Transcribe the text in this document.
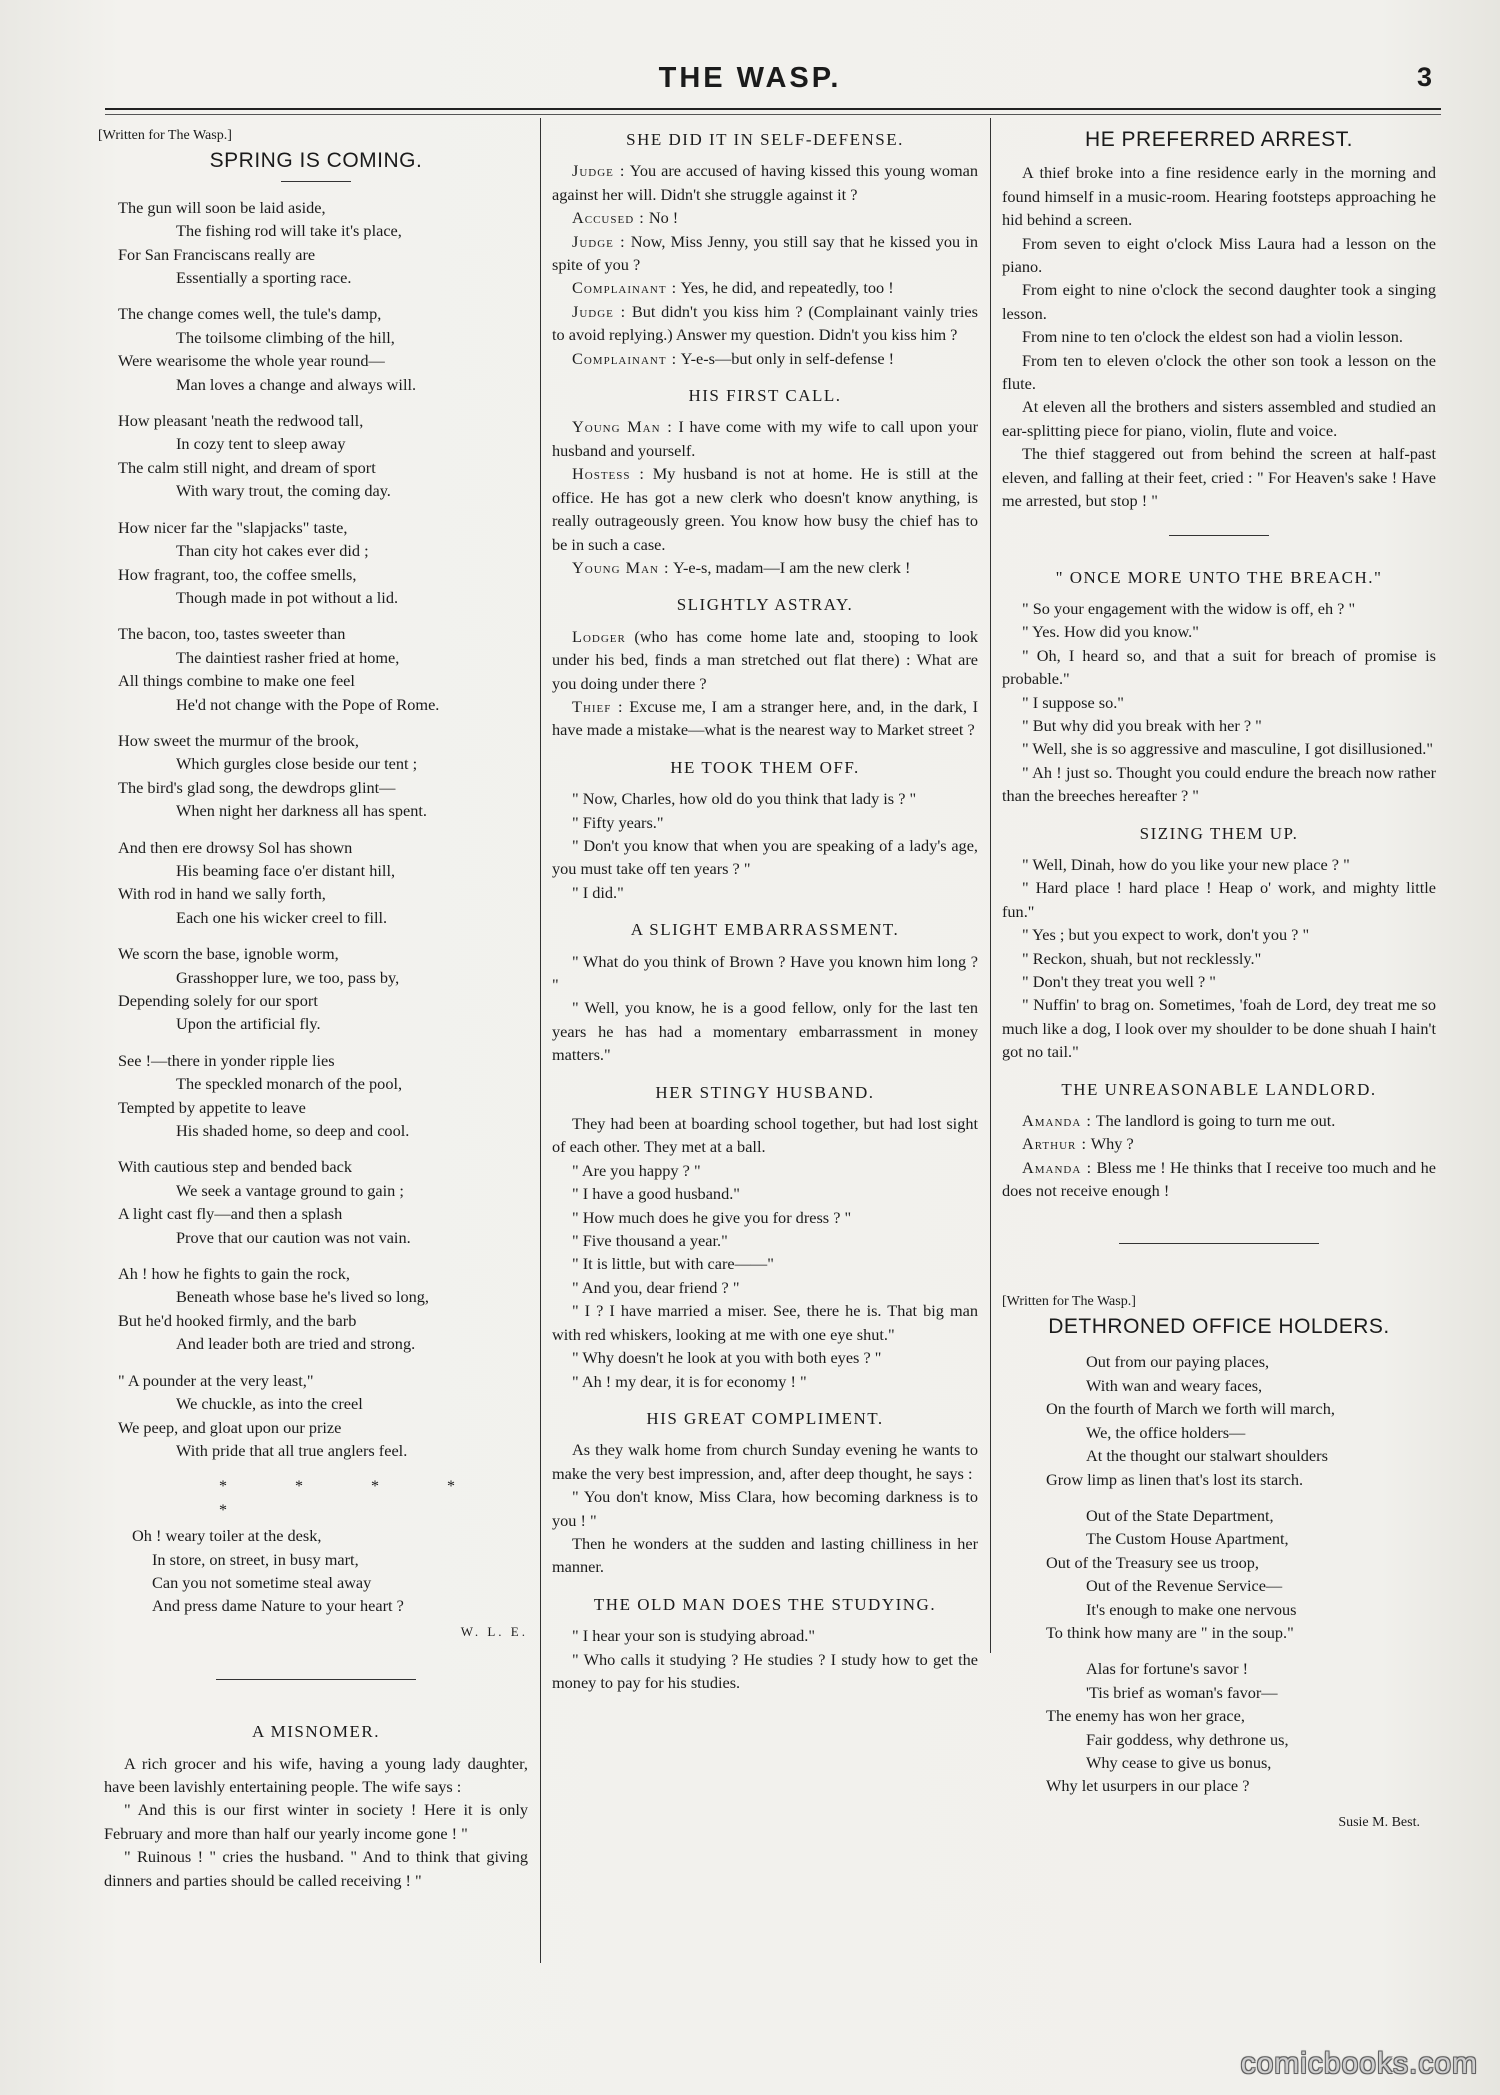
THE WASP.	3
[Written for The Wasp.]
SPRING IS COMING.
The gun will soon be laid aside,
The fishing rod will take it's place,
For San Franciscans really are
Essentially a sporting race.
The change comes well, the tule's damp,
The toilsome climbing of the hill,
Were wearisome the whole year round—
Man loves a change and always will.
How pleasant 'neath the redwood tall,
In cozy tent to sleep away
The calm still night, and dream of sport
With wary trout, the coming day.
How nicer far the "slapjacks" taste,
Than city hot cakes ever did ;
How fragrant, too, the coffee smells,
Though made in pot without a lid.
The bacon, too, tastes sweeter than
The daintiest rasher fried at home,
All things combine to make one feel
He'd not change with the Pope of Rome.
How sweet the murmur of the brook,
Which gurgles close beside our tent ;
The bird's glad song, the dewdrops glint—
When night her darkness all has spent.
And then ere drowsy Sol has shown
His beaming face o'er distant hill,
With rod in hand we sally forth,
Each one his wicker creel to fill.
We scorn the base, ignoble worm,
Grasshopper lure, we too, pass by,
Depending solely for our sport
Upon the artificial fly.
See !—there in yonder ripple lies
The speckled monarch of the pool,
Tempted by appetite to leave
His shaded home, so deep and cool.
With cautious step and bended back
We seek a vantage ground to gain ;
A light cast fly—and then a splash
Prove that our caution was not vain.
Ah ! how he fights to gain the rock,
Beneath whose base he's lived so long,
But he'd hooked firmly, and the barb
And leader both are tried and strong.
" A pounder at the very least,"
We chuckle, as into the creel
We peep, and gloat upon our prize
With pride that all true anglers feel.
* * * * *
Oh ! weary toiler at the desk,
In store, on street, in busy mart,
Can you not sometime steal away
And press dame Nature to your heart ?
W. L. E.
A MISNOMER.

A rich grocer and his wife, having a young lady daughter, have been lavishly entertaining people. The wife says :

" And this is our first winter in society ! Here it is only February and more than half our yearly income gone ! "

" Ruinous ! " cries the husband. " And to think that giving dinners and parties should be called receiving ! "

SHE DID IT IN SELF-DEFENSE.

Judge : You are accused of having kissed this young woman against her will. Didn't she struggle against it ?

Accused : No !

Judge : Now, Miss Jenny, you still say that he kissed you in spite of you ?

Complainant : Yes, he did, and repeatedly, too !

Judge : But didn't you kiss him ? (Complainant vainly tries to avoid replying.) Answer my question. Didn't you kiss him ?

Complainant : Y-e-s—but only in self-defense !

HIS FIRST CALL.

Young Man : I have come with my wife to call upon your husband and yourself.

Hostess : My husband is not at home. He is still at the office. He has got a new clerk who doesn't know anything, is really outrageously green. You know how busy the chief has to be in such a case.

Young Man : Y-e-s, madam—I am the new clerk !

SLIGHTLY ASTRAY.

Lodger (who has come home late and, stooping to look under his bed, finds a man stretched out flat there) : What are you doing under there ?

Thief : Excuse me, I am a stranger here, and, in the dark, I have made a mistake—what is the nearest way to Market street ?

HE TOOK THEM OFF.

" Now, Charles, how old do you think that lady is ? "

" Fifty years."

" Don't you know that when you are speaking of a lady's age, you must take off ten years ? "

" I did."

A SLIGHT EMBARRASSMENT.

" What do you think of Brown ? Have you known him long ? "

" Well, you know, he is a good fellow, only for the last ten years he has had a momentary embarrassment in money matters."

HER STINGY HUSBAND.

They had been at boarding school together, but had lost sight of each other. They met at a ball.

" Are you happy ? "

" I have a good husband."

" How much does he give you for dress ? "

" Five thousand a year."

" It is little, but with care——"

" And you, dear friend ? "

" I ? I have married a miser. See, there he is. That big man with red whiskers, looking at me with one eye shut."

" Why doesn't he look at you with both eyes ? "

" Ah ! my dear, it is for economy ! "

HIS GREAT COMPLIMENT.

As they walk home from church Sunday evening he wants to make the very best impression, and, after deep thought, he says :

" You don't know, Miss Clara, how becoming darkness is to you ! "

Then he wonders at the sudden and lasting chilliness in her manner.

THE OLD MAN DOES THE STUDYING.

" I hear your son is studying abroad."

" Who calls it studying ? He studies ? I study how to get the money to pay for his studies.

HE PREFERRED ARREST.

A thief broke into a fine residence early in the morning and found himself in a music-room. Hearing footsteps approaching he hid behind a screen.

From seven to eight o'clock Miss Laura had a lesson on the piano.

From eight to nine o'clock the second daughter took a singing lesson.

From nine to ten o'clock the eldest son had a violin lesson.

From ten to eleven o'clock the other son took a lesson on the flute.

At eleven all the brothers and sisters assembled and studied an ear-splitting piece for piano, violin, flute and voice.

The thief staggered out from behind the screen at half-past eleven, and falling at their feet, cried : " For Heaven's sake ! Have me arrested, but stop ! "

" ONCE MORE UNTO THE BREACH."

" So your engagement with the widow is off, eh ? "

" Yes. How did you know."

" Oh, I heard so, and that a suit for breach of promise is probable."

" I suppose so."

" But why did you break with her ? "

" Well, she is so aggressive and masculine, I got disillusioned."

" Ah ! just so. Thought you could endure the breach now rather than the breeches hereafter ? "

SIZING THEM UP.

" Well, Dinah, how do you like your new place ? "

" Hard place ! hard place ! Heap o' work, and mighty little fun."

" Yes ; but you expect to work, don't you ? "

" Reckon, shuah, but not recklessly."

" Don't they treat you well ? "

" Nuffin' to brag on. Sometimes, 'foah de Lord, dey treat me so much like a dog, I look over my shoulder to be done shuah I hain't got no tail."

THE UNREASONABLE LANDLORD.

Amanda : The landlord is going to turn me out.

Arthur : Why ?

Amanda : Bless me ! He thinks that I receive too much and he does not receive enough !

[Written for The Wasp.]
DETHRONED OFFICE HOLDERS.
Out from our paying places,
With wan and weary faces,
On the fourth of March we forth will march,
We, the office holders—
At the thought our stalwart shoulders
Grow limp as linen that's lost its starch.
Out of the State Department,
The Custom House Apartment,
Out of the Treasury see us troop,
Out of the Revenue Service—
It's enough to make one nervous
To think how many are " in the soup."
Alas for fortune's savor !
'Tis brief as woman's favor—
The enemy has won her grace,
Fair goddess, why dethrone us,
Why cease to give us bonus,
Why let usurpers in our place ?
Susie M. Best.
comicbooks.com
